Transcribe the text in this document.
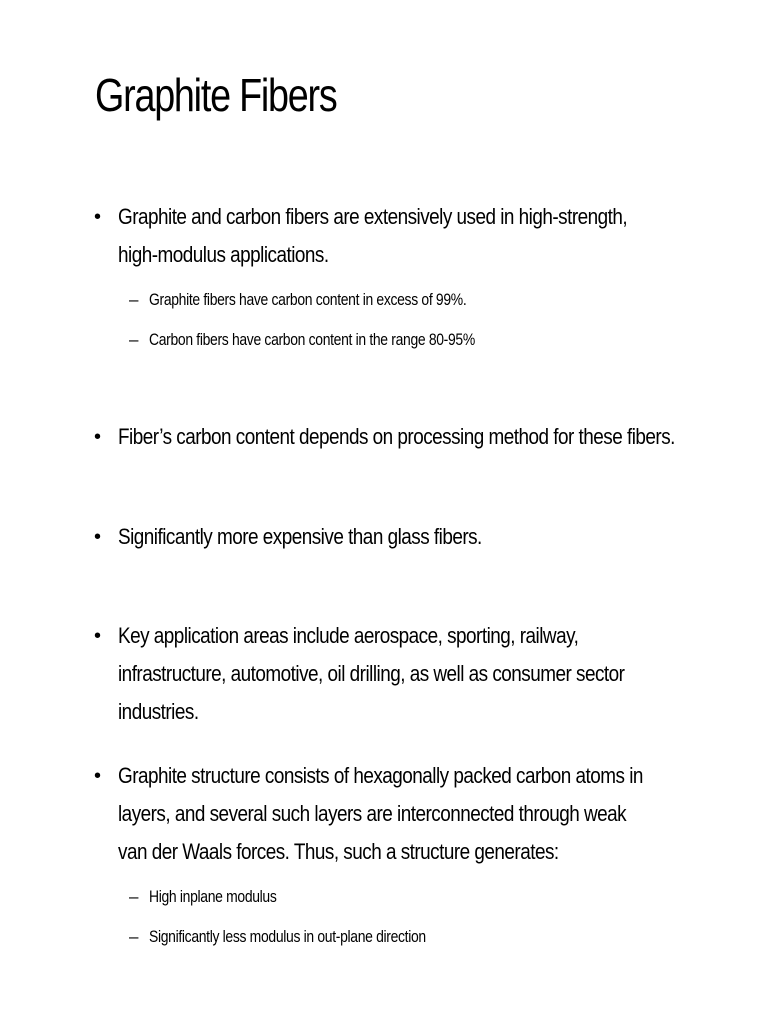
Graphite Fibers
• Graphite and carbon fibers are extensively used in high-strength, high-modulus applications.
– Graphite fibers have carbon content in excess of 99%.
– Carbon fibers have carbon content in the range 80-95%
• Fiber’s carbon content depends on processing method for these fibers.
• Significantly more expensive than glass fibers.
• Key application areas include aerospace, sporting, railway, infrastructure, automotive, oil drilling, as well as consumer sector industries.
• Graphite structure consists of hexagonally packed carbon atoms in layers, and several such layers are interconnected through weak van der Waals forces. Thus, such a structure generates:
– High inplane modulus
– Significantly less modulus in out-plane direction
